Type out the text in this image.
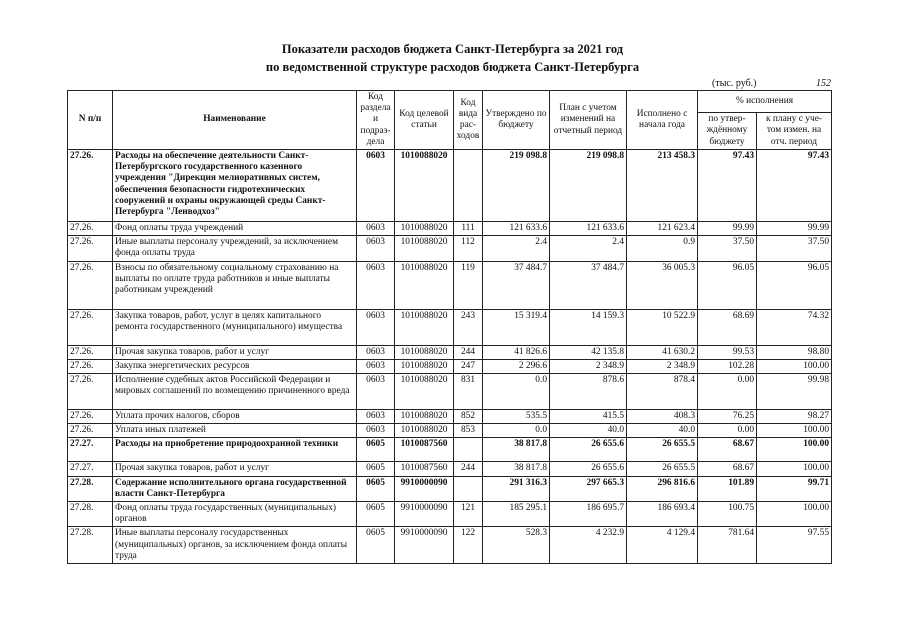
Показатели расходов бюджета Санкт-Петербурга за 2021 год
по ведомственной структуре расходов бюджета Санкт-Петербурга
(тыс. руб.)	152
N п/п	Наименование	Код раздела и подраз-дела	Код целевой статьи	Код вида рас-ходов	Утверждено по бюджету	План с учетом изменений на отчетный период	Исполнено с начала года	% исполнения	
								по утвер-ждённому бюджету	к плану с уче-том измен. на отч. период
27.26.	Расходы на обеспечение деятельности Санкт-Петербургского государственного казенного учреждения "Дирекция мелиоративных систем, обеспечения безопасности гидротехнических сооружений и охраны окружающей среды Санкт-Петербурга "Ленводхоз"	0603	1010088020		219 098.8	219 098.8	213 458.3	97.43	97.43
27.26.	Фонд оплаты труда учреждений	0603	1010088020	111	121 633.6	121 633.6	121 623.4	99.99	99.99
27.26.	Иные выплаты персоналу учреждений, за исключением фонда оплаты труда	0603	1010088020	112	2.4	2.4	0.9	37.50	37.50
27.26.	Взносы по обязательному социальному страхованию на выплаты по оплате труда работников и иные выплаты работникам учреждений	0603	1010088020	119	37 484.7	37 484.7	36 005.3	96.05	96.05
27.26.	Закупка товаров, работ, услуг в целях капитального ремонта государственного (муниципального) имущества	0603	1010088020	243	15 319.4	14 159.3	10 522.9	68.69	74.32
27.26.	Прочая закупка товаров, работ и услуг	0603	1010088020	244	41 826.6	42 135.8	41 630.2	99.53	98.80
27.26.	Закупка энергетических ресурсов	0603	1010088020	247	2 296.6	2 348.9	2 348.9	102.28	100.00
27.26.	Исполнение судебных актов Российской Федерации и мировых соглашений по возмещению причиненного вреда	0603	1010088020	831	0.0	878.6	878.4	0.00	99.98
27.26.	Уплата прочих налогов, сборов	0603	1010088020	852	535.5	415.5	408.3	76.25	98.27
27.26.	Уплата иных платежей	0603	1010088020	853	0.0	40.0	40.0	0.00	100.00
27.27.	Расходы на приобретение природоохранной техники	0605	1010087560		38 817.8	26 655.6	26 655.5	68.67	100.00
27.27.	Прочая закупка товаров, работ и услуг	0605	1010087560	244	38 817.8	26 655.6	26 655.5	68.67	100.00
27.28.	Содержание исполнительного органа государственной власти Санкт-Петербурга	0605	9910000090		291 316.3	297 665.3	296 816.6	101.89	99.71
27.28.	Фонд оплаты труда государственных (муниципальных) органов	0605	9910000090	121	185 295.1	186 695.7	186 693.4	100.75	100.00
27.28.	Иные выплаты персоналу государственных (муниципальных) органов, за исключением фонда оплаты труда	0605	9910000090	122	528.3	4 232.9	4 129.4	781.64	97.55
